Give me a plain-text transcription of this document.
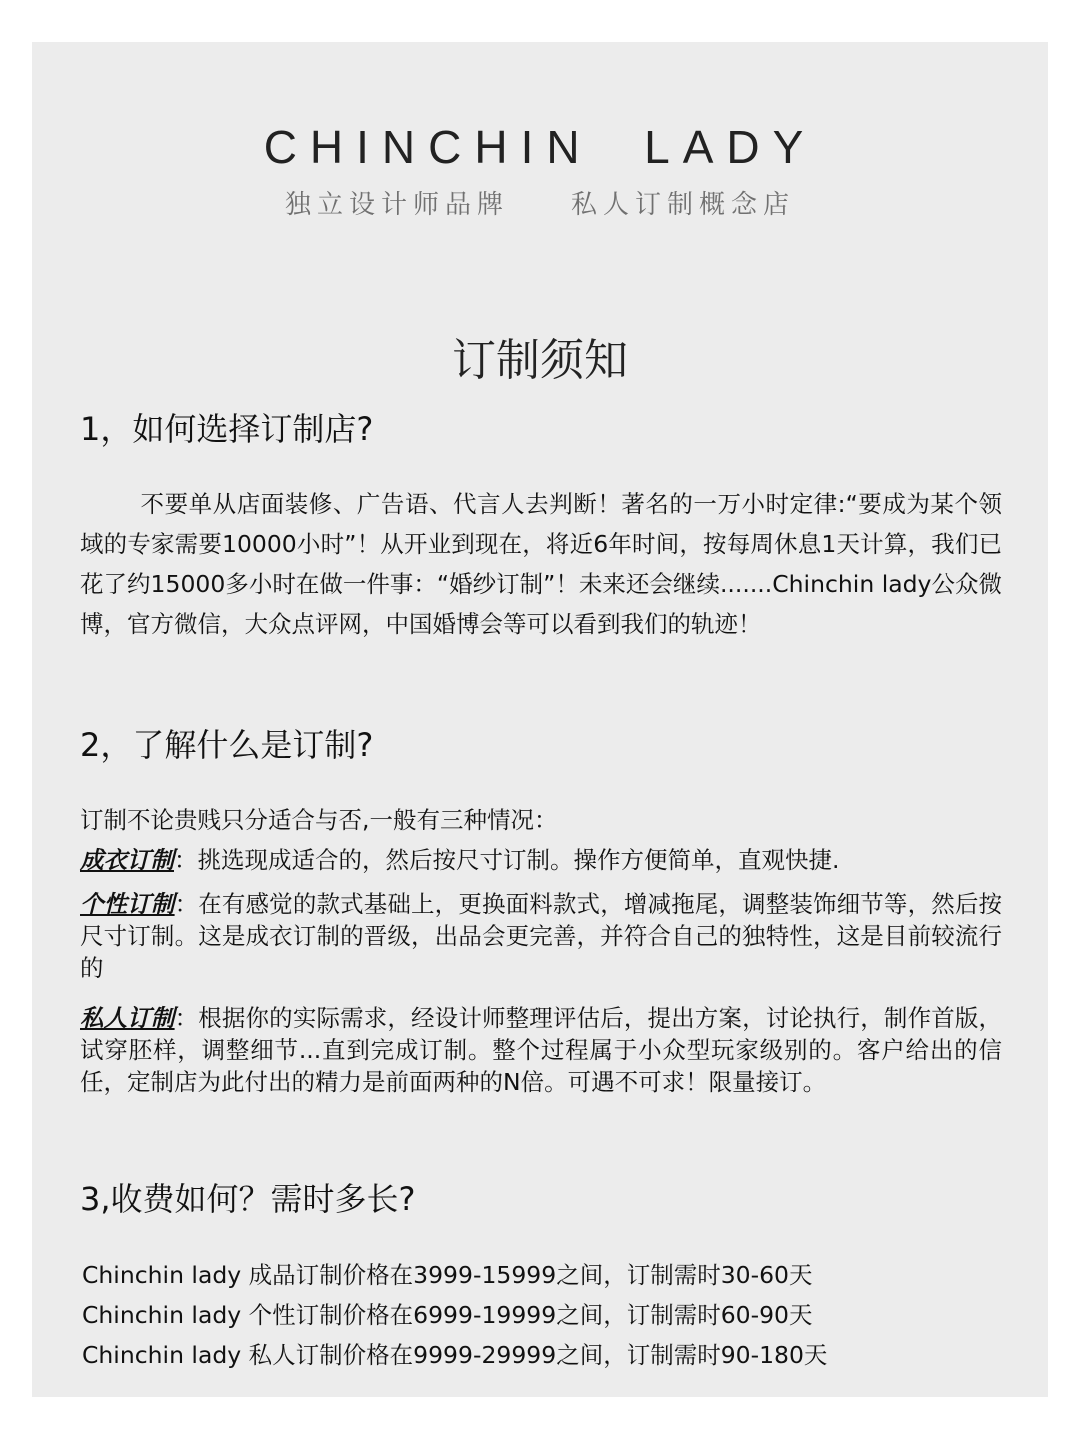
CHINCHIN  LADY
独立设计师品牌 私人订制概念店
订制须知
1，如何选择订制店?
不要单从店面装修、广告语、代言人去判断！著名的一万小时定律:“要成为某个领域的专家需要10000小时”！从开业到现在，将近6年时间，按每周休息1天计算，我们已花了约15000多小时在做一件事：“婚纱订制”！未来还会继续.......Chinchin lady公众微博，官方微信，大众点评网，中国婚博会等可以看到我们的轨迹！
2，了解什么是订制?
订制不论贵贱只分适合与否,一般有三种情况：
成衣订制：挑选现成适合的，然后按尺寸订制。操作方便简单，直观快捷.
个性订制：在有感觉的款式基础上，更换面料款式，增减拖尾，调整装饰细节等，然后按尺寸订制。这是成衣订制的晋级，出品会更完善，并符合自己的独特性，这是目前较流行的
私人订制：根据你的实际需求，经设计师整理评估后，提出方案，讨论执行，制作首版，试穿胚样，调整细节...直到完成订制。整个过程属于小众型玩家级别的。客户给出的信任，定制店为此付出的精力是前面两种的N倍。可遇不可求！限量接订。
3,收费如何？需时多长?
Chinchin lady 成品订制价格在3999-15999之间，订制需时30-60天
Chinchin lady 个性订制价格在6999-19999之间，订制需时60-90天
Chinchin lady 私人订制价格在9999-29999之间，订制需时90-180天
